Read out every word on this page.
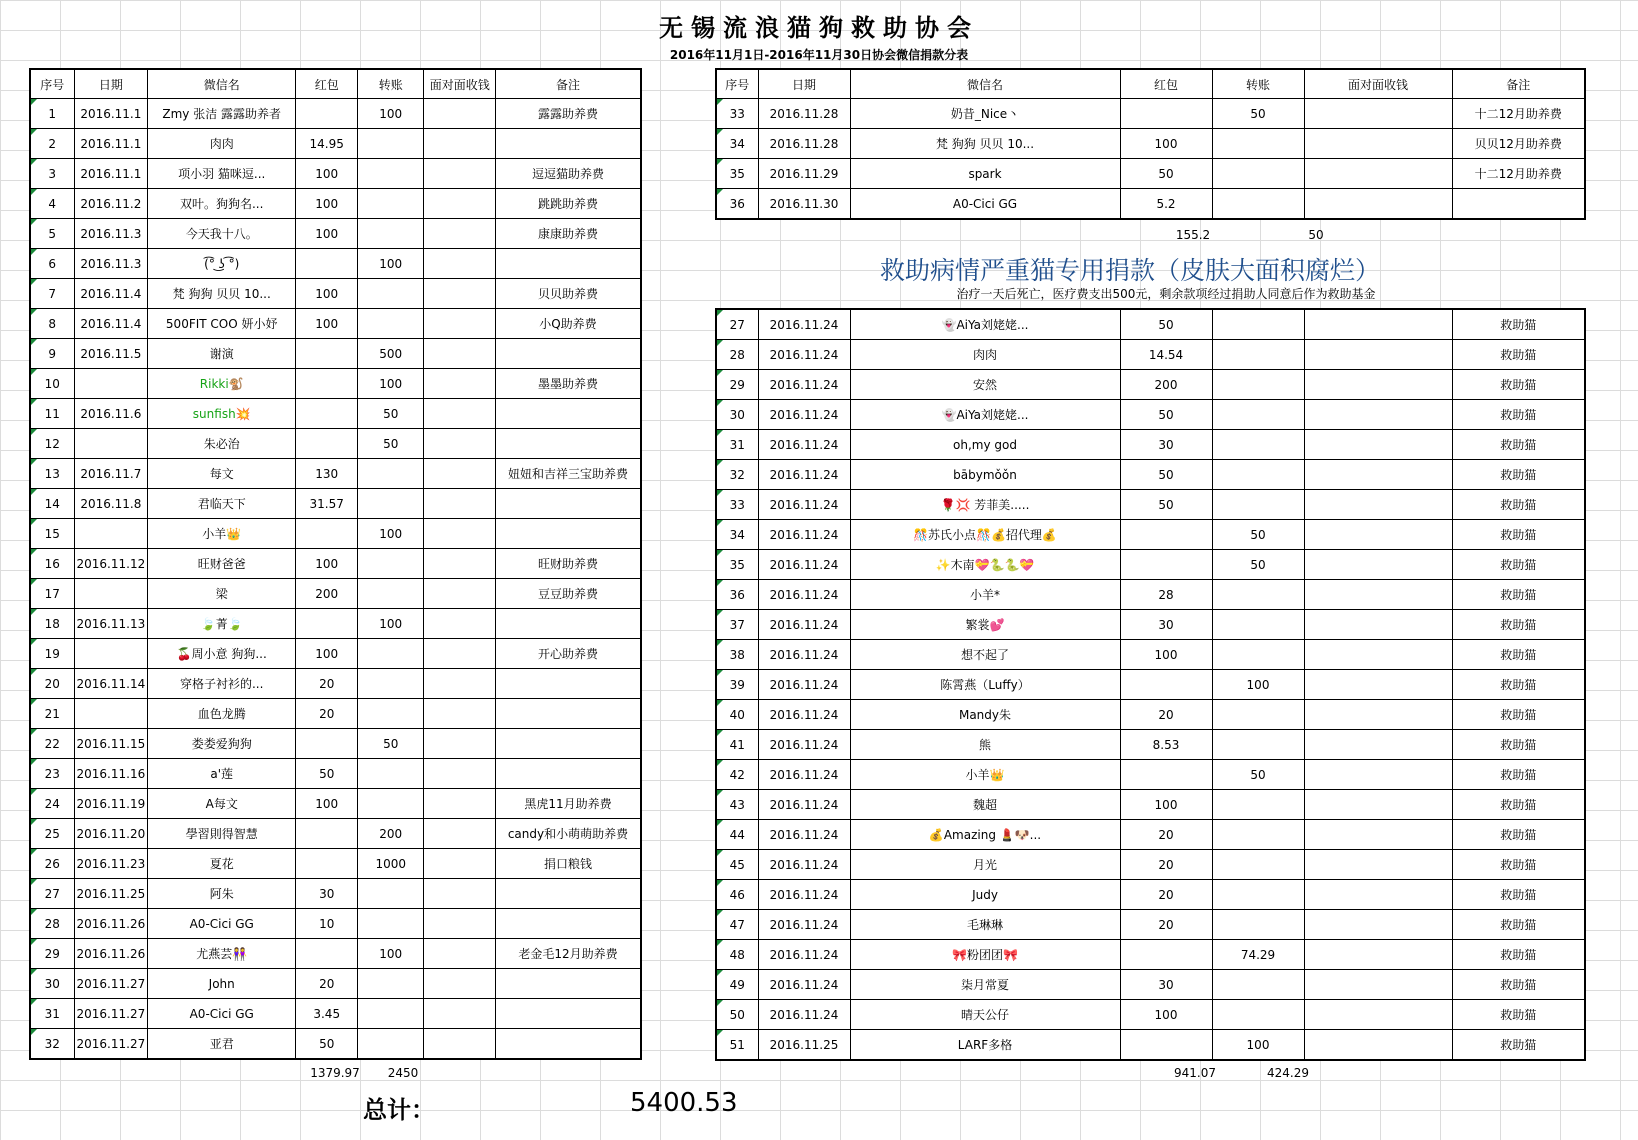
无锡流浪猫狗救助协会
2016年11月1日-2016年11月30日协会微信捐款分表
序号	日期	微信名	红包	转账	面对面收钱	备注
1	2016.11.1	Zmy 张洁 露露助养者		100		露露助养费
2	2016.11.1	肉肉	14.95			
3	2016.11.1	项小羽 猫咪逗...	100			逗逗猫助养费
4	2016.11.2	双叶。狗狗名...	100			跳跳助养费
5	2016.11.3	今天我十八。	100			康康助养费
6	2016.11.3	(͡° ͜ʖ ͡°)		100		
7	2016.11.4	梵 狗狗 贝贝 10...	100			贝贝助养费
8	2016.11.4	500FIT COO 妍小妤	100			小Q助养费
9	2016.11.5	谢演		500		
10		Rikki🐒		100		墨墨助养费
11	2016.11.6	sunfish💥		50		
12		朱必治		50		
13	2016.11.7	每文	130			妞妞和吉祥三宝助养费
14	2016.11.8	君临天下	31.57			
15		小羊👑		100		
16	2016.11.12	旺财爸爸	100			旺财助养费
17		梁	200			豆豆助养费
18	2016.11.13	🍃菁🍃		100		
19		🍒周小意 狗狗...	100			开心助养费
20	2016.11.14	穿格子衬衫的...	20			
21		血色龙腾	20			
22	2016.11.15	娄娄爱狗狗		50		
23	2016.11.16	a'莲	50			
24	2016.11.19	A每文	100			黑虎11月助养费
25	2016.11.20	學習則得智慧		200		candy和小萌萌助养费
26	2016.11.23	夏花		1000		捐口粮钱
27	2016.11.25	阿朱	30			
28	2016.11.26	A0-Cici GG	10			
29	2016.11.26	尤燕芸👭		100		老金毛12月助养费
30	2016.11.27	John	20			
31	2016.11.27	A0-Cici GG	3.45			
32	2016.11.27	亚君	50			
序号	日期	微信名	红包	转账	面对面收钱	备注
33	2016.11.28	奶昔_Nice丶		50		十二12月助养费
34	2016.11.28	梵 狗狗 贝贝 10...	100			贝贝12月助养费
35	2016.11.29	spark	50			十二12月助养费
36	2016.11.30	A0-Cici GG	5.2			
155.2	50
救助病情严重猫专用捐款（皮肤大面积腐烂）
治疗一天后死亡，医疗费支出500元，剩余款项经过捐助人同意后作为救助基金
27	2016.11.24	👻AiYa刘姥姥...	50			救助猫
28	2016.11.24	肉肉	14.54			救助猫
29	2016.11.24	安然	200			救助猫
30	2016.11.24	👻AiYa刘姥姥...	50			救助猫
31	2016.11.24	oh,my god	30			救助猫
32	2016.11.24	bābymǒǒn	50			救助猫
33	2016.11.24	🌹💢 芳菲美.....	50			救助猫
34	2016.11.24	🎊苏氏小点🎊💰招代理💰		50		救助猫
35	2016.11.24	✨木南💝🐍🐍💝		50		救助猫
36	2016.11.24	小羊*	28			救助猫
37	2016.11.24	繁裳💕	30			救助猫
38	2016.11.24	想不起了	100			救助猫
39	2016.11.24	陈霄燕（Luffy）		100		救助猫
40	2016.11.24	Mandy朱	20			救助猫
41	2016.11.24	熊	8.53			救助猫
42	2016.11.24	小羊👑		50		救助猫
43	2016.11.24	魏超	100			救助猫
44	2016.11.24	💰Amazing 💄🐶...	20			救助猫
45	2016.11.24	月光	20			救助猫
46	2016.11.24	Judy	20			救助猫
47	2016.11.24	毛琳琳	20			救助猫
48	2016.11.24	🎀粉团团🎀		74.29		救助猫
49	2016.11.24	柒月常夏	30			救助猫
50	2016.11.24	晴天公仔	100			救助猫
51	2016.11.25	LARF多格		100		救助猫
1379.97	2450	941.07	424.29
总计：	5400.53
